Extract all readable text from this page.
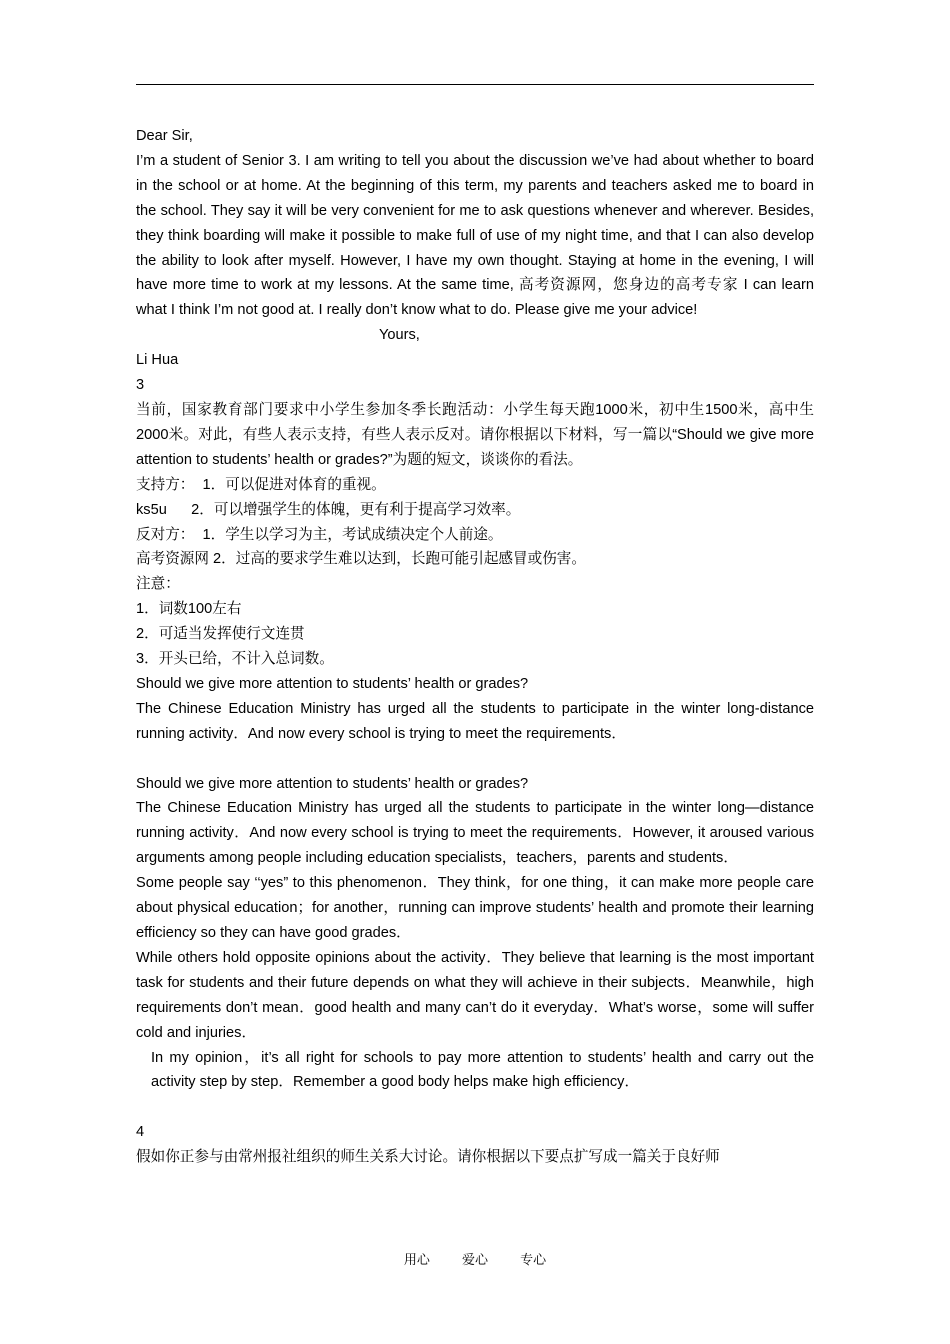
Dear Sir,

I’m a student of Senior 3. I am writing to tell you about the discussion we’ve had about whether to board in the school or at home. At the beginning of this term, my parents and teachers asked me to board in the school. They say it will be very convenient for me to ask questions whenever and wherever. Besides, they think boarding will make it possible to make full of use of my night time, and that I can also develop the ability to look after myself. However, I have my own thought. Staying at home in the evening, I will have more time to work at my lessons. At the same time, 高考资源网，您身边的高考专家 I can learn what I think I’m not good at. I really don’t know what to do. Please give me your advice!

Yours,

Li Hua

3

当前，国家教育部门要求中小学生参加冬季长跑活动：小学生每天跑1000米，初中生1500米，高中生2000米。对此，有些人表示支持，有些人表示反对。请你根据以下材料，写一篇以“Should we give more attention to students’ health or grades?”为题的短文，谈谈你的看法。

支持方：  1．可以促进对体育的重视。

ks5u      2．可以增强学生的体魄，更有利于提高学习效率。

反对方：  1．学生以学习为主，考试成绩决定个人前途。

高考资源网 2．过高的要求学生难以达到，长跑可能引起感冒或伤害。

注意：

1．词数100左右

2．可适当发挥使行文连贯

3．开头已给，不计入总词数。

Should we give more attention to students’ health or grades?

The Chinese Education Ministry has urged all the students to participate in the winter long-distance running activity．And now every school is trying to meet the requirements．

Should we give more attention to students’ health or grades?

The Chinese Education Ministry has urged all the students to participate in the winter long—distance running activity．And now every school is trying to meet the requirements．However, it aroused various arguments among people including education specialists，teachers，parents and students．

Some people say ‘‘yes” to this phenomenon．They think，for one thing，it can make more people care about physical education；for another，running can improve students’ health and promote their learning efficiency so they can have good grades．

While others hold opposite opinions about the activity．They believe that learning is the most important task for students and their future depends on what they will achieve in their subjects．Meanwhile，high requirements don’t mean．good health and many can’t do it everyday．What’s worse，some will suffer cold and injuries．

In my opinion，it’s all right for schools to pay more attention to students’ health and carry out the activity step by step．Remember a good body helps make high efficiency．

4

假如你正参与由常州报社组织的师生关系大讨论。请你根据以下要点扩写成一篇关于良好师

用心 爱心 专心
